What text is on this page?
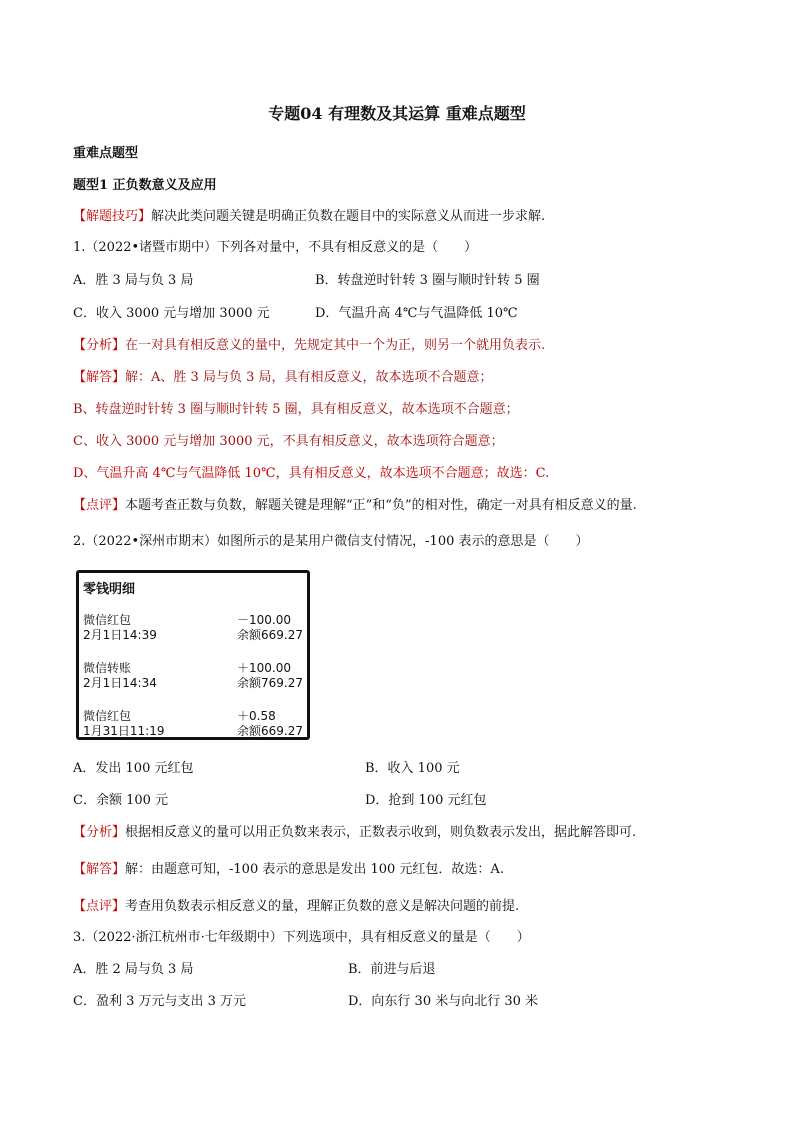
专题04 有理数及其运算 重难点题型
重难点题型
题型1 正负数意义及应用
【解题技巧】解决此类问题关键是明确正负数在题目中的实际意义从而进一步求解.
1.（2022•诸暨市期中）下列各对量中，不具有相反意义的是（　　）
A．胜 3 局与负 3 局	B．转盘逆时针转 3 圈与顺时针转 5 圈
C．收入 3000 元与增加 3000 元	D．气温升高 4℃与气温降低 10℃
【分析】在一对具有相反意义的量中，先规定其中一个为正，则另一个就用负表示.
【解答】解：A、胜 3 局与负 3 局，具有相反意义，故本选项不合题意；
B、转盘逆时针转 3 圈与顺时针转 5 圈，具有相反意义，故本选项不合题意；
C、收入 3000 元与增加 3000 元，不具有相反意义，故本选项符合题意；
D、气温升高 4℃与气温降低 10℃，具有相反意义，故本选项不合题意；故选：C.
【点评】本题考查正数与负数，解题关键是理解“正”和“负”的相对性，确定一对具有相反意义的量.
2.（2022•深州市期末）如图所示的是某用户微信支付情况，-100 表示的意思是（　　）
零钱明细
微信红包
2月1日14:39
－100.00
余额669.27
微信转账
2月1日14:34
＋100.00
余额769.27
微信红包
1月31日11:19
＋0.58
余额669.27
A．发出 100 元红包	B．收入 100 元
C．余额 100 元	D．抢到 100 元红包
【分析】根据相反意义的量可以用正负数来表示，正数表示收到，则负数表示发出，据此解答即可.
【解答】解：由题意可知，-100 表示的意思是发出 100 元红包．故选：A.
【点评】考查用负数表示相反意义的量，理解正负数的意义是解决问题的前提.
3.（2022·浙江杭州市·七年级期中）下列选项中，具有相反意义的量是（　　）
A．胜 2 局与负 3 局	B．前进与后退
C．盈利 3 万元与支出 3 万元	D．向东行 30 米与向北行 30 米
